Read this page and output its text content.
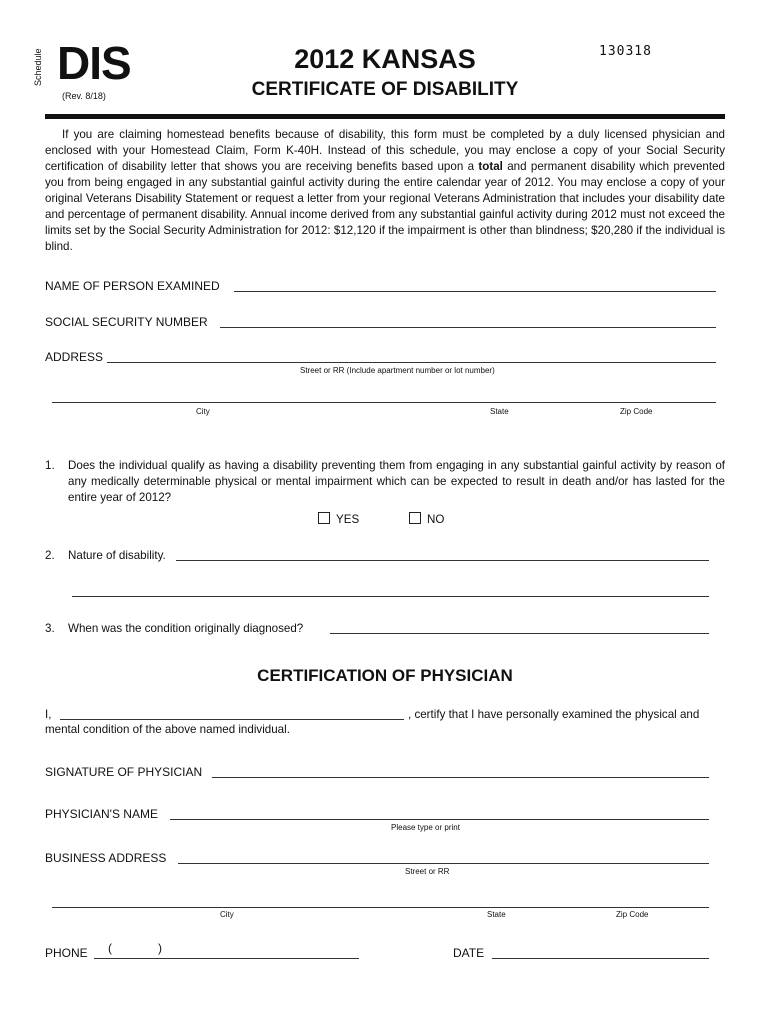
Schedule DIS
(Rev. 8/18)
2012 KANSAS
CERTIFICATE OF DISABILITY
130318
If you are claiming homestead benefits because of disability, this form must be completed by a duly licensed physician and enclosed with your Homestead Claim, Form K-40H. Instead of this schedule, you may enclose a copy of your Social Security certification of disability letter that shows you are receiving benefits based upon a total and permanent disability which prevented you from being engaged in any substantial gainful activity during the entire calendar year of 2012. You may enclose a copy of your original Veterans Disability Statement or request a letter from your regional Veterans Administration that includes your disability date and percentage of permanent disability. Annual income derived from any substantial gainful activity during 2012 must not exceed the limits set by the Social Security Administration for 2012: $12,120 if the impairment is other than blindness; $20,280 if the individual is blind.
NAME OF PERSON EXAMINED
SOCIAL SECURITY NUMBER
ADDRESS
Street or RR (Include apartment number or lot number)
City	State	Zip Code
1. Does the individual qualify as having a disability preventing them from engaging in any substantial gainful activity by reason of any medically determinable physical or mental impairment which can be expected to result in death and/or has lasted for the entire year of 2012?
YES	NO
2. Nature of disability.
3. When was the condition originally diagnosed?
CERTIFICATION OF PHYSICIAN
I,	, certify that I have personally examined the physical and
mental condition of the above named individual.
SIGNATURE OF PHYSICIAN
PHYSICIAN'S NAME
Please type or print
BUSINESS ADDRESS
Street or RR
City	State	Zip Code
PHONE (	)	DATE
